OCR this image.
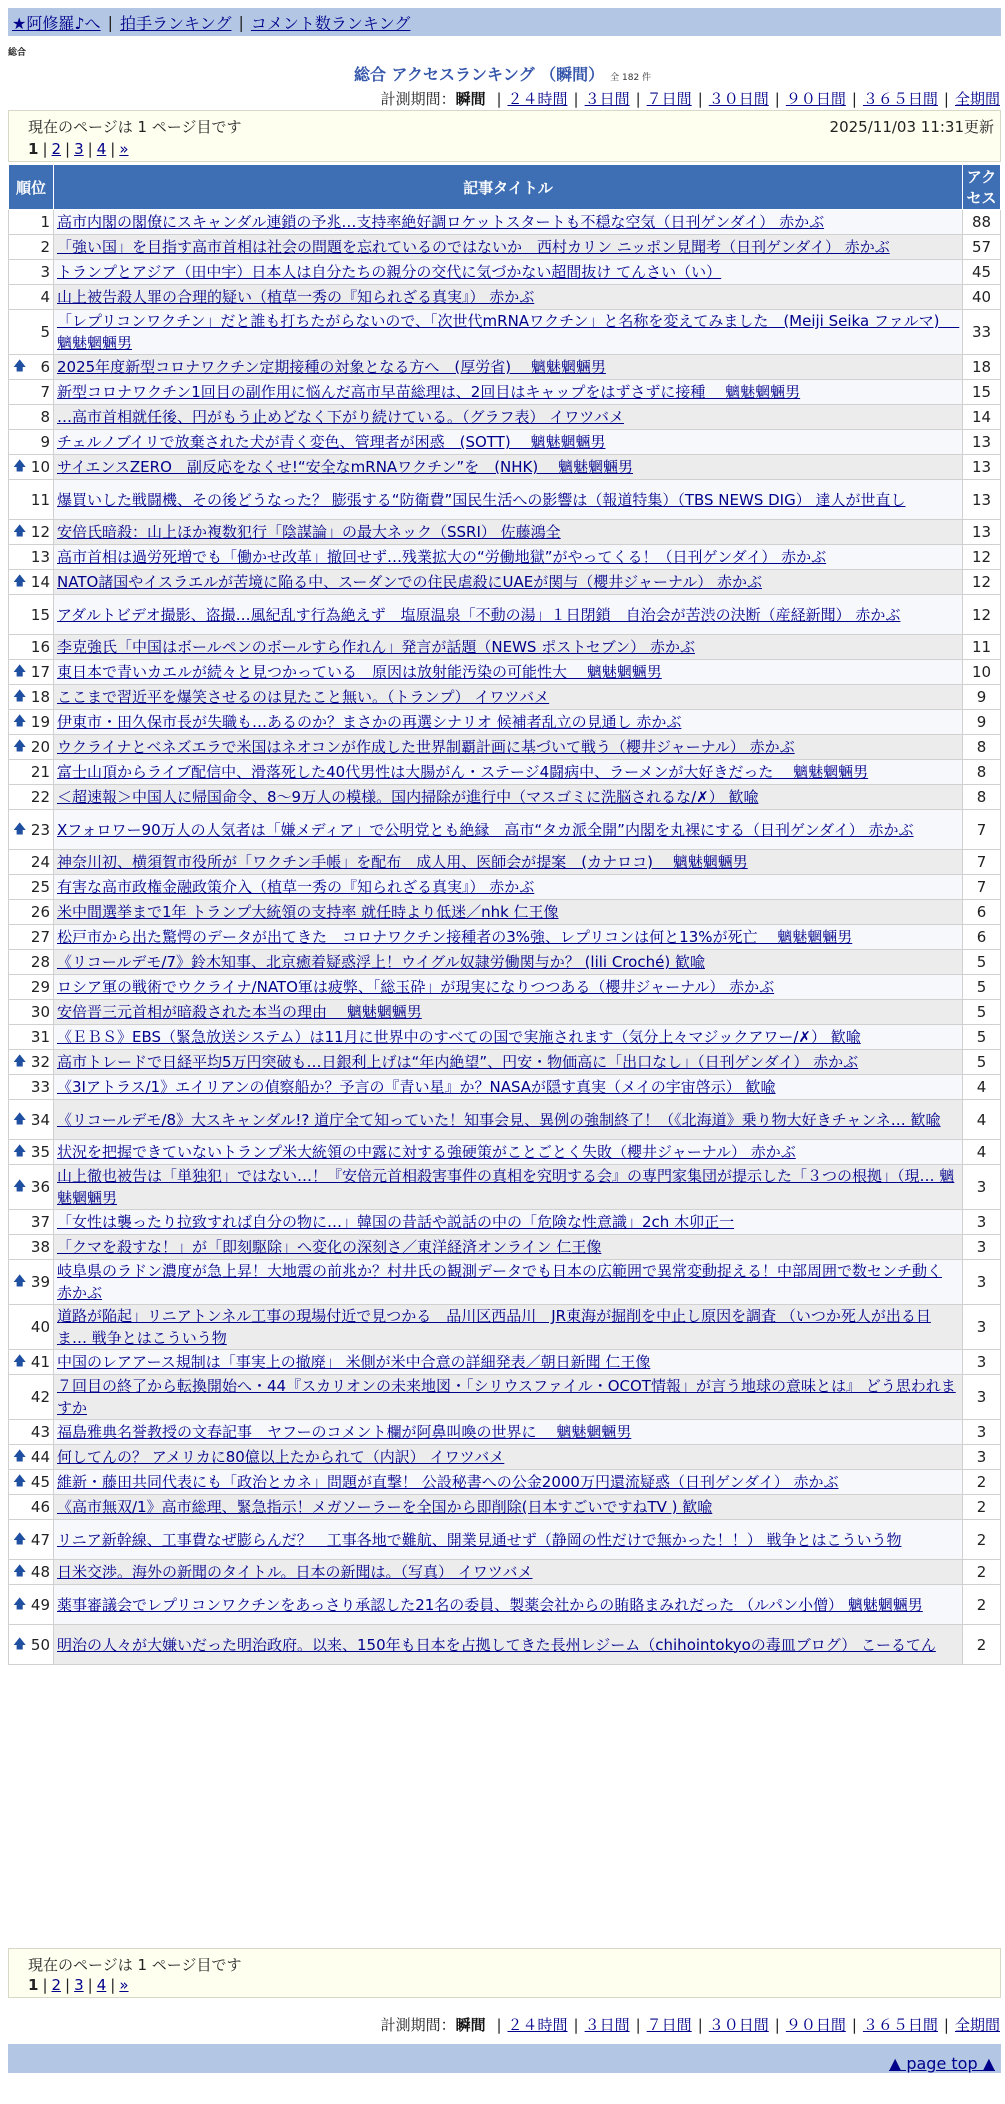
★阿修羅♪へ | 拍手ランキング | コメント数ランキング
総合
総合 アクセスランキング （瞬間） 全 182 件
計測期間：瞬間 | ２４時間 | ３日間 | ７日間 | ３０日間 | ９０日間 | ３６５日間 | 全期間
現在のページは 1 ページ目です	2025/11/03 11:31更新
1 | 2 | 3 | 4 | »
順位	記事タイトル	アクセス
1	高市内閣の閣僚にスキャンダル連鎖の予兆…支持率絶好調ロケットスタートも不穏な空気（日刊ゲンダイ） 赤かぶ	88
2	「強い国」を目指す高市首相は社会の問題を忘れているのではないか　西村カリン ニッポン見聞考（日刊ゲンダイ） 赤かぶ	57
3	トランプとアジア（田中宇）日本人は自分たちの親分の交代に気づかない超間抜け てんさい（い）	45
4	山上被告殺人罪の合理的疑い（植草一秀の『知られざる真実』） 赤かぶ	40
5	「レプリコンワクチン」だと誰も打ちたがらないので、「次世代mRNAワクチン」と名称を変えてみました　(Meiji Seika ファルマ)　 魑魅魍魎男	33

🡅 6	2025年度新型コロナワクチン定期接種の対象となる方へ　(厚労省)　 魑魅魍魎男	18
7	新型コロナワクチン1回目の副作用に悩んだ高市早苗総理は、2回目はキャップをはずさずに接種　 魑魅魍魎男	15
8	…高市首相就任後、円がもう止めどなく下がり続けている。（グラフ表） イワツバメ	14
9	チェルノブイリで放棄された犬が青く変色、管理者が困惑　(SOTT)　 魑魅魍魎男	13

🡅 10	サイエンスZERO　副反応をなくせ!“安全なmRNAワクチン”を　(NHK)　 魑魅魍魎男	13
11	爆買いした戦闘機、その後どうなった？ 膨張する“防衛費”国民生活への影響は（報道特集）（TBS NEWS DIG） 達人が世直し	13

🡅 12	安倍氏暗殺：山上ほか複数犯行「陰謀論」の最大ネック（SSRI） 佐藤鴻全	13
13	高市首相は過労死増でも「働かせ改革」撤回せず…残業拡大の“労働地獄”がやってくる！（日刊ゲンダイ） 赤かぶ	12

🡅 14	NATO諸国やイスラエルが苦境に陥る中、スーダンでの住民虐殺にUAEが関与（櫻井ジャーナル） 赤かぶ	12
15	アダルトビデオ撮影、盗撮…風紀乱す行為絶えず　塩原温泉「不動の湯」１日閉鎖　自治会が苦渋の決断（産経新聞） 赤かぶ	12
16	李克強氏「中国はボールペンのボールすら作れん」発言が話題（NEWS ポストセブン） 赤かぶ	11

🡅 17	東日本で青いカエルが続々と見つかっている　原因は放射能汚染の可能性大　 魑魅魍魎男	10

🡅 18	ここまで習近平を爆笑させるのは見たこと無い。（トランプ） イワツバメ	9

🡅 19	伊東市・田久保市長が失職も…あるのか？まさかの再選シナリオ 候補者乱立の見通し 赤かぶ	9

🡅 20	ウクライナとベネズエラで米国はネオコンが作成した世界制覇計画に基づいて戦う（櫻井ジャーナル） 赤かぶ	8
21	富士山頂からライブ配信中、滑落死した40代男性は大腸がん・ステージ4闘病中、ラーメンが大好きだった　 魑魅魍魎男	8
22	＜超速報＞中国人に帰国命令、8～9万人の模様。国内掃除が進行中（マスゴミに洗脳されるな/✗） 歓喩	8

🡅 23	Xフォロワー90万人の人気者は「嫌メディア」で公明党とも絶縁　高市“タカ派全開”内閣を丸裸にする（日刊ゲンダイ） 赤かぶ	7
24	神奈川初、横須賀市役所が「ワクチン手帳」を配布　成人用、医師会が提案　(カナロコ)　 魑魅魍魎男	7
25	有害な高市政権金融政策介入（植草一秀の『知られざる真実』） 赤かぶ	7
26	米中間選挙まで1年 トランプ大統領の支持率 就任時より低迷／nhk 仁王像	6
27	松戸市から出た驚愕のデータが出てきた　コロナワクチン接種者の3%強、レプリコンは何と13%が死亡　 魑魅魍魎男	6
28	《リコールデモ/7》鈴木知事、北京癒着疑惑浮上！ウイグル奴隷労働関与か？ (lili Croché) 歓喩	5
29	ロシア軍の戦術でウクライナ/NATO軍は疲弊、「総玉砕」が現実になりつつある（櫻井ジャーナル） 赤かぶ	5
30	安倍晋三元首相が暗殺された本当の理由　 魑魅魍魎男	5
31	《ＥＢＳ》EBS（緊急放送システム）は11月に世界中のすべての国で実施されます（気分上々マジックアワー/✗） 歓喩	5

🡅 32	高市トレードで日経平均5万円突破も…日銀利上げは“年内絶望”、円安・物価高に「出口なし」（日刊ゲンダイ） 赤かぶ	5
33	《3Iアトラス/1》エイリアンの偵察船か？予言の『青い星』か？NASAが隠す真実（メイの宇宙啓示） 歓喩	4

🡅 34	《リコールデモ/8》大スキャンダル!? 道庁全て知っていた！知事会見、異例の強制終了！（《北海道》乗り物大好きチャンネ… 歓喩	4

🡅 35	状況を把握できていないトランプ米大統領の中露に対する強硬策がことごとく失敗（櫻井ジャーナル） 赤かぶ	4

🡅 36	山上徹也被告は「単独犯」ではない…！『安倍元首相殺害事件の真相を究明する会』の専門家集団が提示した「３つの根拠」（現… 魑魅魍魎男	3
37	「女性は襲ったり拉致すれば自分の物に…」韓国の昔話や説話の中の「危険な性意識」2ch 木卯正一	3
38	「クマを殺すな！」が「即刻駆除」へ変化の深刻さ／東洋経済オンライン 仁王像	3

🡅 39	岐阜県のラドン濃度が急上昇！大地震の前兆か？村井氏の観測データでも日本の広範囲で異常変動捉える！中部周囲で数センチ動く 赤かぶ	3
40	道路が陥起」リニアトンネル工事の現場付近で見つかる　品川区西品川　JR東海が掘削を中止し原因を調査 （いつか死人が出る日ま… 戦争とはこういう物	3

🡅 41	中国のレアアース規制は「事実上の撤廃」 米側が米中合意の詳細発表／朝日新聞 仁王像	3
42	７回目の終了から転換開始へ・44『スカリオンの未来地図・「シリウスファイル・OCOT情報」が言う地球の意味とは』 どう思われますか	3
43	福島雅典名誉教授の文春記事　ヤフーのコメント欄が阿鼻叫喚の世界に　 魑魅魍魎男	3

🡅 44	何してんの？ アメリカに80億以上たかられて（内訳） イワツバメ	3

🡅 45	維新・藤田共同代表にも「政治とカネ」問題が直撃！ 公設秘書への公金2000万円還流疑惑（日刊ゲンダイ） 赤かぶ	2
46	《高市無双/1》高市総理、緊急指示！メガソーラーを全国から即削除(日本すごいですねTV ) 歓喩	2

🡅 47	リニア新幹線、工事費なぜ膨らんだ？　工事各地で難航、開業見通せず（静岡の性だけで無かった！！） 戦争とはこういう物	2

🡅 48	日米交渉。海外の新聞のタイトル。日本の新聞は。（写真） イワツバメ	2

🡅 49	薬事審議会でレプリコンワクチンをあっさり承認した21名の委員、製薬会社からの賄賂まみれだった （ルパン小僧） 魑魅魍魎男	2

🡅 50	明治の人々が大嫌いだった明治政府。以来、150年も日本を占拠してきた長州レジーム（chihointokyoの毒皿ブログ） こーるてん	2
現在のページは 1 ページ目です
1 | 2 | 3 | 4 | »
計測期間：瞬間 | ２４時間 | ３日間 | ７日間 | ３０日間 | ９０日間 | ３６５日間 | 全期間
▲ page top ▲
